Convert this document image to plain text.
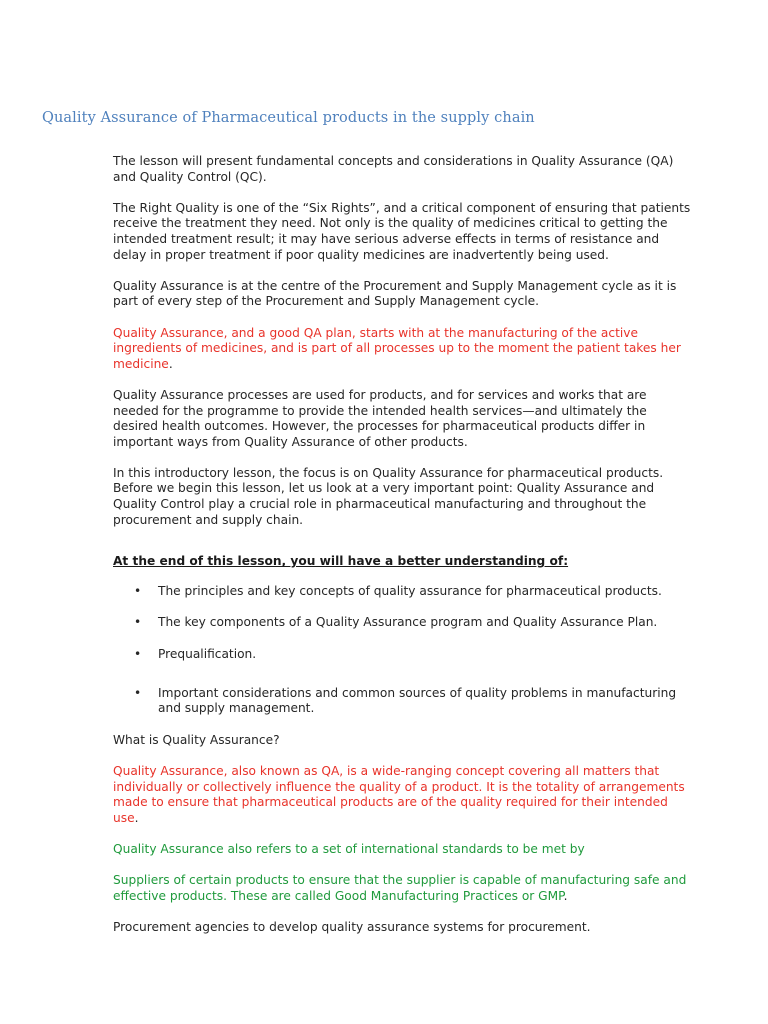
Quality Assurance of Pharmaceutical products in the supply chain

The lesson will present fundamental concepts and considerations in Quality Assurance (QA) and Quality Control (QC).

The Right Quality is one of the “Six Rights”, and a critical component of ensuring that patients receive the treatment they need. Not only is the quality of medicines critical to getting the intended treatment result; it may have serious adverse effects in terms of resistance and delay in proper treatment if poor quality medicines are inadvertently being used.

Quality Assurance is at the centre of the Procurement and Supply Management cycle as it is part of every step of the Procurement and Supply Management cycle.

Quality Assurance, and a good QA plan, starts with at the manufacturing of the active ingredients of medicines, and is part of all processes up to the moment the patient takes her medicine.

Quality Assurance processes are used for products, and for services and works that are needed for the programme to provide the intended health services—and ultimately the desired health outcomes. However, the processes for pharmaceutical products differ in important ways from Quality Assurance of other products.

In this introductory lesson, the focus is on Quality Assurance for pharmaceutical products. Before we begin this lesson, let us look at a very important point: Quality Assurance and Quality Control play a crucial role in pharmaceutical manufacturing and throughout the procurement and supply chain.

At the end of this lesson, you will have a better understanding of:

• The principles and key concepts of quality assurance for pharmaceutical products.
• The key components of a Quality Assurance program and Quality Assurance Plan.
• Prequalification.
• Important considerations and common sources of quality problems in manufacturing and supply management.

What is Quality Assurance?

Quality Assurance, also known as QA, is a wide-ranging concept covering all matters that individually or collectively influence the quality of a product. It is the totality of arrangements made to ensure that pharmaceutical products are of the quality required for their intended use.

Quality Assurance also refers to a set of international standards to be met by

Suppliers of certain products to ensure that the supplier is capable of manufacturing safe and effective products. These are called Good Manufacturing Practices or GMP.

Procurement agencies to develop quality assurance systems for procurement.
